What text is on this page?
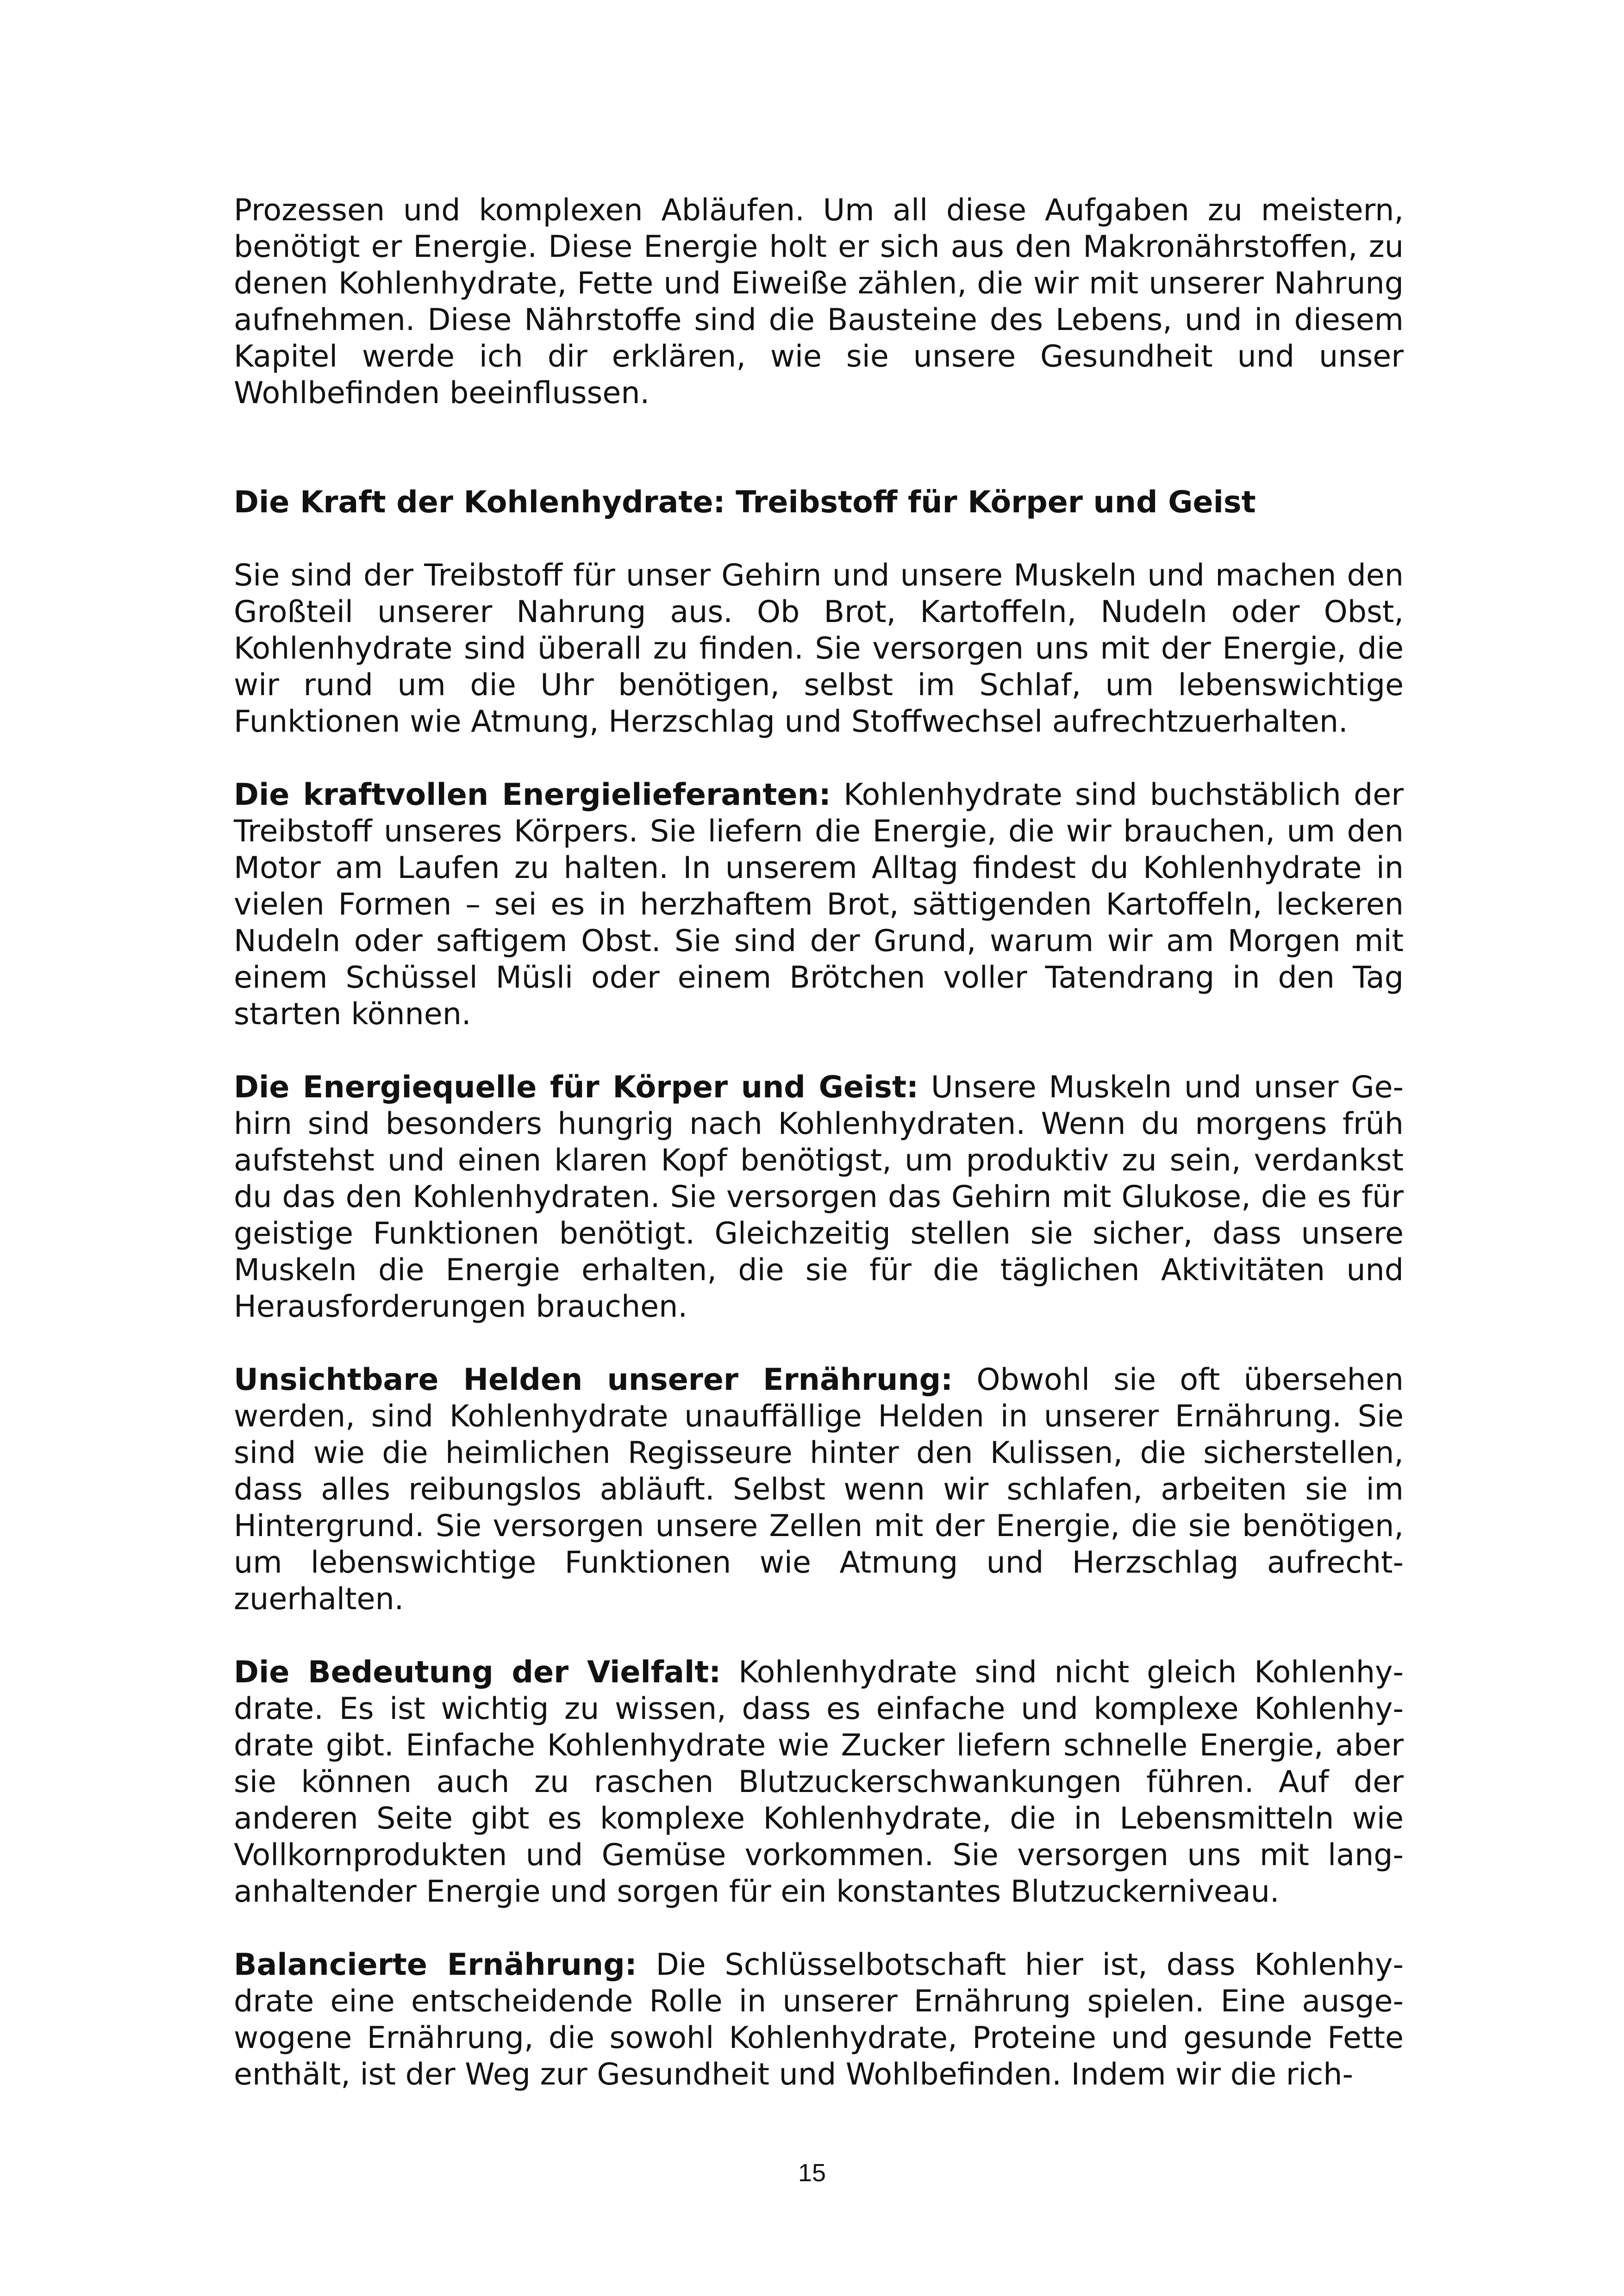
Prozessen und komplexen Abläufen. Um all diese Aufgaben zu meistern, benötigt er Energie. Diese Energie holt er sich aus den Makronährstoffen, zu denen Kohlenhydrate, Fette und Eiweiße zählen, die wir mit unserer Nahrung aufnehmen. Diese Nährstoffe sind die Bausteine des Lebens, und in diesem Kapitel werde ich dir erklären, wie sie unsere Gesundheit und unser Wohlbefinden beeinflussen.

Die Kraft der Kohlenhydrate: Treibstoff für Körper und Geist

Sie sind der Treibstoff für unser Gehirn und unsere Muskeln und machen den Großteil unserer Nahrung aus. Ob Brot, Kartoffeln, Nudeln oder Obst, Kohlenhydrate sind überall zu finden. Sie versorgen uns mit der Energie, die wir rund um die Uhr benötigen, selbst im Schlaf, um lebenswichtige Funktionen wie Atmung, Herzschlag und Stoffwechsel aufrechtzuerhalten.

Die kraftvollen Energielieferanten: Kohlenhydrate sind buchstäblich der Treibstoff unseres Körpers. Sie liefern die Energie, die wir brauchen, um den Motor am Laufen zu halten. In unserem Alltag findest du Kohlenhydrate in vielen Formen – sei es in herzhaftem Brot, sättigenden Kartoffeln, leckeren Nudeln oder saftigem Obst. Sie sind der Grund, warum wir am Morgen mit einem Schüssel Müsli oder einem Brötchen voller Tatendrang in den Tag starten können.

Die Energiequelle für Körper und Geist: Unsere Muskeln und unser Gehirn sind besonders hungrig nach Kohlenhydraten. Wenn du morgens früh aufstehst und einen klaren Kopf benötigst, um produktiv zu sein, verdankst du das den Kohlenhydraten. Sie versorgen das Gehirn mit Glukose, die es für geistige Funktionen benötigt. Gleichzeitig stellen sie sicher, dass unsere Muskeln die Energie erhalten, die sie für die täglichen Aktivitäten und Herausforderungen brauchen.

Unsichtbare Helden unserer Ernährung: Obwohl sie oft übersehen werden, sind Kohlenhydrate unauffällige Helden in unserer Ernährung. Sie sind wie die heimlichen Regisseure hinter den Kulissen, die sicherstellen, dass alles reibungslos abläuft. Selbst wenn wir schlafen, arbeiten sie im Hintergrund. Sie versorgen unsere Zellen mit der Energie, die sie benötigen, um lebenswichtige Funktionen wie Atmung und Herzschlag aufrechtzuerhalten.

Die Bedeutung der Vielfalt: Kohlenhydrate sind nicht gleich Kohlenhydrate. Es ist wichtig zu wissen, dass es einfache und komplexe Kohlenhydrate gibt. Einfache Kohlenhydrate wie Zucker liefern schnelle Energie, aber sie können auch zu raschen Blutzuckerschwankungen führen. Auf der anderen Seite gibt es komplexe Kohlenhydrate, die in Lebensmitteln wie Vollkornprodukten und Gemüse vorkommen. Sie versorgen uns mit langanhaltender Energie und sorgen für ein konstantes Blutzuckerniveau.

Balancierte Ernährung: Die Schlüsselbotschaft hier ist, dass Kohlenhydrate eine entscheidende Rolle in unserer Ernährung spielen. Eine ausgewogene Ernährung, die sowohl Kohlenhydrate, Proteine und gesunde Fette enthält, ist der Weg zur Gesundheit und Wohlbefinden. Indem wir die rich-

15
